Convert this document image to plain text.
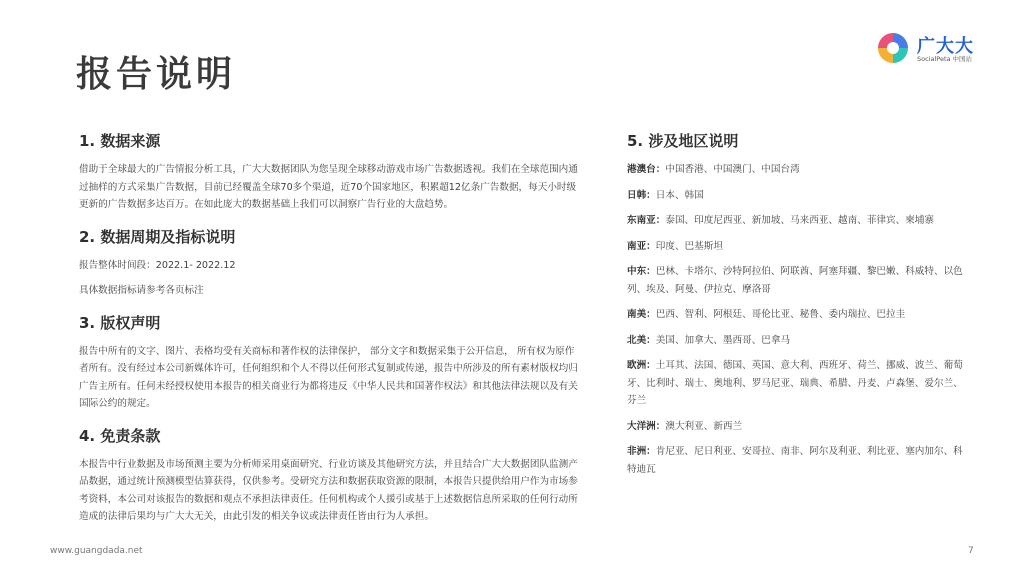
报告说明
广大大
SocialPeta 中国站
1. 数据来源

借助于全球最大的广告情报分析工具，广大大数据团队为您呈现全球移动游戏市场广告数据透视。我们在全球范围内通过抽样的方式采集广告数据，目前已经覆盖全球70多个渠道，近70个国家地区，积累超12亿条广告数据，每天小时级更新的广告数据多达百万。在如此庞大的数据基础上我们可以洞察广告行业的大盘趋势。

2. 数据周期及指标说明

报告整体时间段：2022.1- 2022.12

具体数据指标请参考各页标注

3. 版权声明

报告中所有的文字、图片、表格均受有关商标和著作权的法律保护， 部分文字和数据采集于公开信息， 所有权为原作者所有。没有经过本公司新媒体许可，任何组织和个人不得以任何形式复制或传递，报告中所涉及的所有素材版权均归广告主所有。任何未经授权使用本报告的相关商业行为都将违反《中华人民共和国著作权法》和其他法律法规以及有关国际公约的规定。

4. 免责条款

本报告中行业数据及市场预测主要为分析师采用桌面研究、行业访谈及其他研究方法，并且结合广大大数据团队监测产品数据，通过统计预测模型估算获得，仅供参考。受研究方法和数据获取资源的限制，本报告只提供给用户作为市场参考资料，本公司对该报告的数据和观点不承担法律责任。任何机构或个人援引或基于上述数据信息所采取的任何行动所造成的法律后果均与广大大无关，由此引发的相关争议或法律责任皆由行为人承担。

5. 涉及地区说明
港澳台：中国香港、中国澳门、中国台湾
日韩：日本、韩国
东南亚：泰国、印度尼西亚、新加坡、马来西亚、越南、菲律宾、柬埔寨
南亚：印度、巴基斯坦
中东：巴林、卡塔尔、沙特阿拉伯、阿联酋、阿塞拜疆、黎巴嫩、科威特、以色列、埃及、阿曼、伊拉克、摩洛哥
南美：巴西、智利、阿根廷、哥伦比亚、秘鲁、委内瑞拉、巴拉圭
北美：美国、加拿大、墨西哥、巴拿马
欧洲：土耳其、法国、德国、英国、意大利、西班牙、荷兰、挪威、波兰、葡萄牙、比利时、瑞士、奥地利、罗马尼亚、瑞典、希腊、丹麦、卢森堡、爱尔兰、芬兰
大洋洲：澳大利亚、新西兰
非洲：肯尼亚、尼日利亚、安哥拉、南非、阿尔及利亚、利比亚、塞内加尔、科特迪瓦
www.guangdada.net	7
